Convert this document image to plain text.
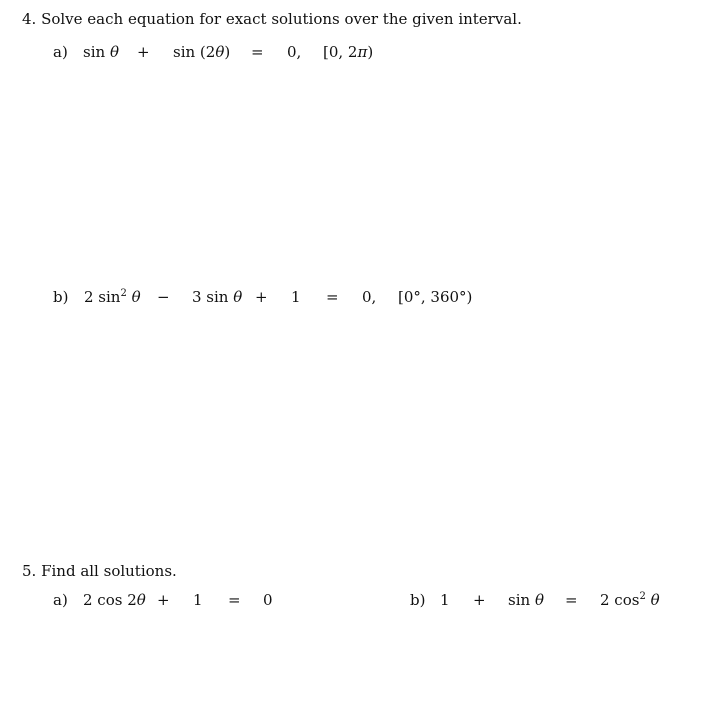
4. Solve each equation for exact solutions over the given interval.
a) sin θ + sin (2θ) = 0, [0, 2π)
b) 2 $\sin^2 \theta - 3$ sin θ + 1 = 0, [0°, 360°)
5. Find all solutions.
a) 2 cos 2θ + 1 = 0	b) 1 + sin θ = 2 $\cos^2 \theta$
